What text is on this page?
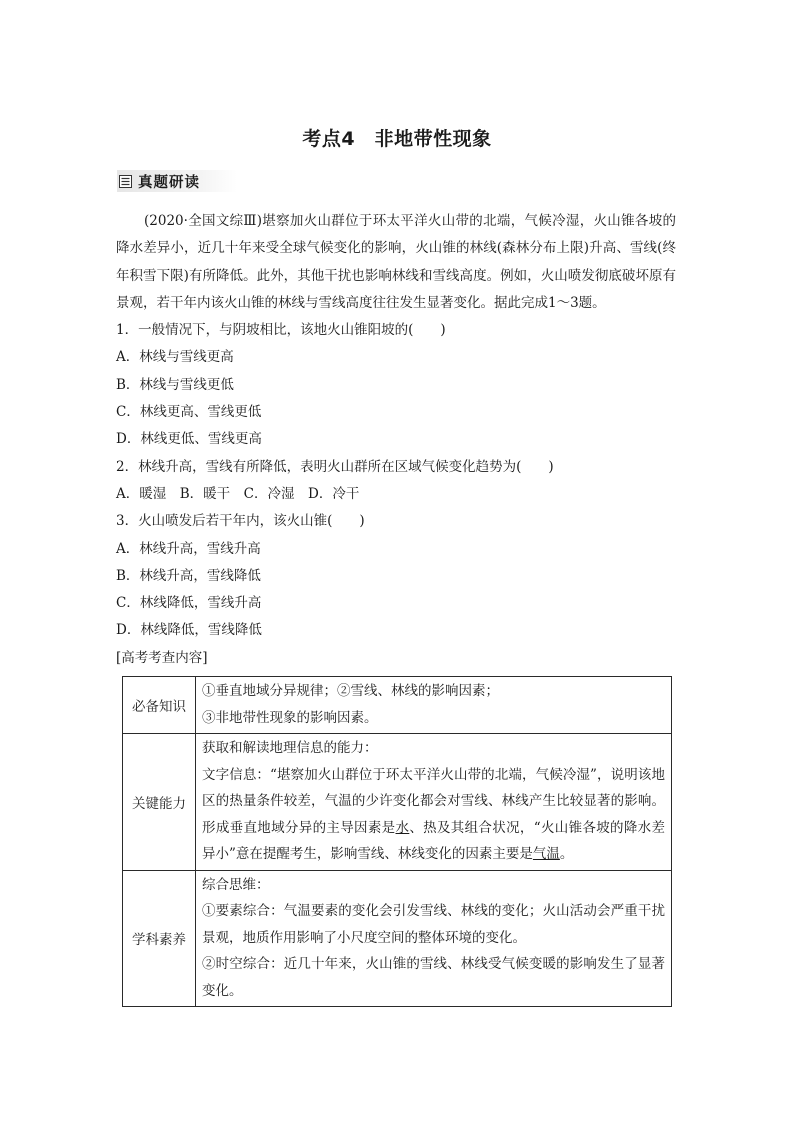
考点4　非地带性现象
真题研读

(2020·全国文综Ⅲ)堪察加火山群位于环太平洋火山带的北端，气候冷湿，火山锥各坡的降水差异小，近几十年来受全球气候变化的影响，火山锥的林线(森林分布上限)升高、雪线(终年积雪下限)有所降低。此外，其他干扰也影响林线和雪线高度。例如，火山喷发彻底破坏原有景观，若干年内该火山锥的林线与雪线高度往往发生显著变化。据此完成1～3题。

1．一般情况下，与阴坡相比，该地火山锥阳坡的(　　)

A．林线与雪线更高

B．林线与雪线更低

C．林线更高、雪线更低

D．林线更低、雪线更高

2．林线升高，雪线有所降低，表明火山群所在区域气候变化趋势为(　　)

A．暖湿　B．暖干　C．冷湿　D．冷干

3．火山喷发后若干年内，该火山锥(　　)

A．林线升高，雪线升高

B．林线升高，雪线降低

C．林线降低，雪线升高

D．林线降低，雪线降低

[高考考查内容]

必备知识	①垂直地域分异规律；②雪线、林线的影响因素；
③非地带性现象的影响因素。

关键能力	获取和解读地理信息的能力：
文字信息：“堪察加火山群位于环太平洋火山带的北端，气候冷湿”，说明该地区的热量条件较差，气温的少许变化都会对雪线、林线产生比较显著的影响。形成垂直地域分异的主导因素是水、热及其组合状况，“火山锥各坡的降水差异小”意在提醒考生，影响雪线、林线变化的因素主要是气温。

学科素养	综合思维：
①要素综合：气温要素的变化会引发雪线、林线的变化；火山活动会严重干扰景观，地质作用影响了小尺度空间的整体环境的变化。
②时空综合：近几十年来，火山锥的雪线、林线受气候变暖的影响发生了显著变化。
